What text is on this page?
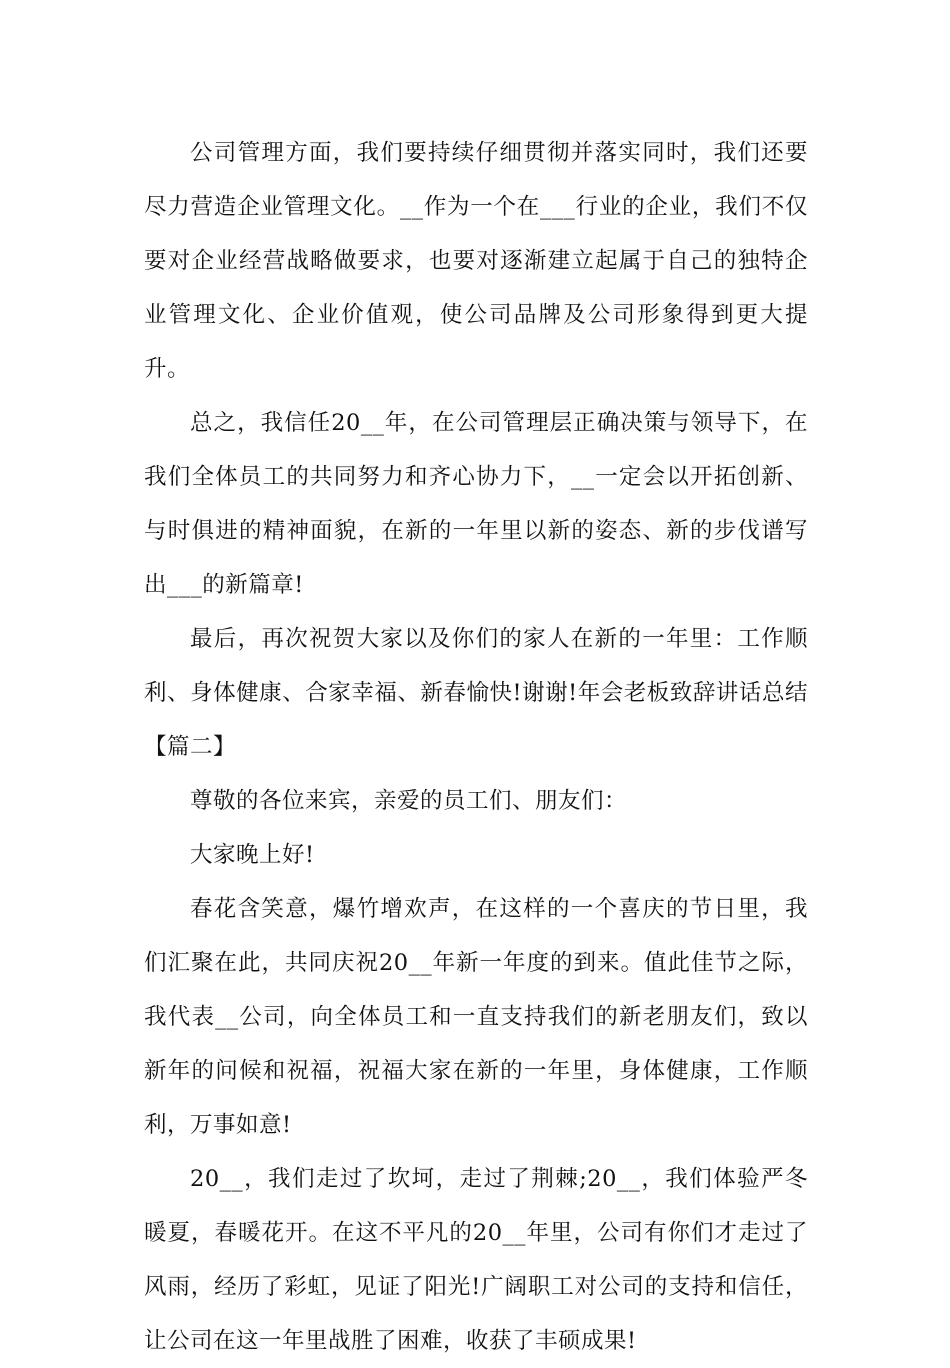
公司管理方面，我们要持续仔细贯彻并落实同时，我们还要尽力营造企业管理文化。__作为一个在___行业的企业，我们不仅要对企业经营战略做要求，也要对逐渐建立起属于自己的独特企业管理文化、企业价值观，使公司品牌及公司形象得到更大提升。

总之，我信任20__年，在公司管理层正确决策与领导下，在我们全体员工的共同努力和齐心协力下，__一定会以开拓创新、与时俱进的精神面貌，在新的一年里以新的姿态、新的步伐谱写出___的新篇章!

最后，再次祝贺大家以及你们的家人在新的一年里：工作顺利、身体健康、合家幸福、新春愉快!谢谢!年会老板致辞讲话总结【篇二】

尊敬的各位来宾，亲爱的员工们、朋友们：

大家晚上好!

春花含笑意，爆竹增欢声，在这样的一个喜庆的节日里，我们汇聚在此，共同庆祝20__年新一年度的到来。值此佳节之际，我代表__公司，向全体员工和一直支持我们的新老朋友们，致以新年的问候和祝福，祝福大家在新的一年里，身体健康，工作顺利，万事如意!

20__，我们走过了坎坷，走过了荆棘;20__，我们体验严冬暖夏，春暖花开。在这不平凡的20__年里，公司有你们才走过了风雨，经历了彩虹，见证了阳光!广阔职工对公司的支持和信任，让公司在这一年里战胜了困难，收获了丰硕成果!
